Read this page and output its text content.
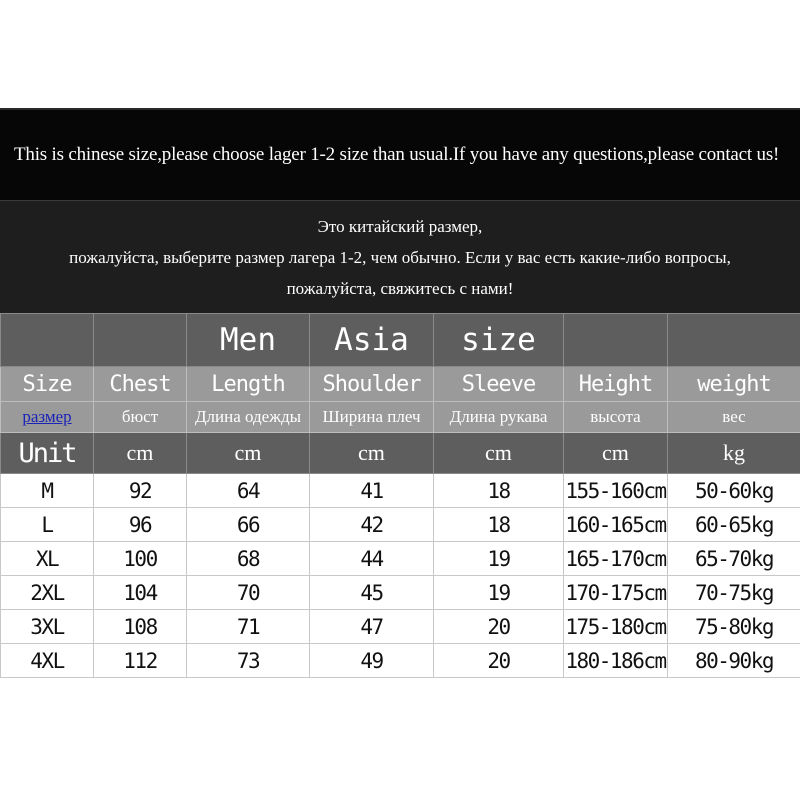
This is chinese size,please choose lager 1-2 size than usual.If you have any questions,please contact us!
Это китайский размер,
пожалуйста, выберите размер лагера 1-2, чем обычно. Если у вас есть какие-либо вопросы,
пожалуйста, свяжитесь с нами!
		Men	Asia	size		
Size	Chest	Length	Shoulder	Sleeve	Height	weight
размер	бюст	Длина одежды	Ширина плеч	Длина рукава	высота	вес
Unit	cm	cm	cm	cm	cm	kg
M	92	64	41	18	155-160cm	50-60kg
L	96	66	42	18	160-165cm	60-65kg
XL	100	68	44	19	165-170cm	65-70kg
2XL	104	70	45	19	170-175cm	70-75kg
3XL	108	71	47	20	175-180cm	75-80kg
4XL	112	73	49	20	180-186cm	80-90kg
